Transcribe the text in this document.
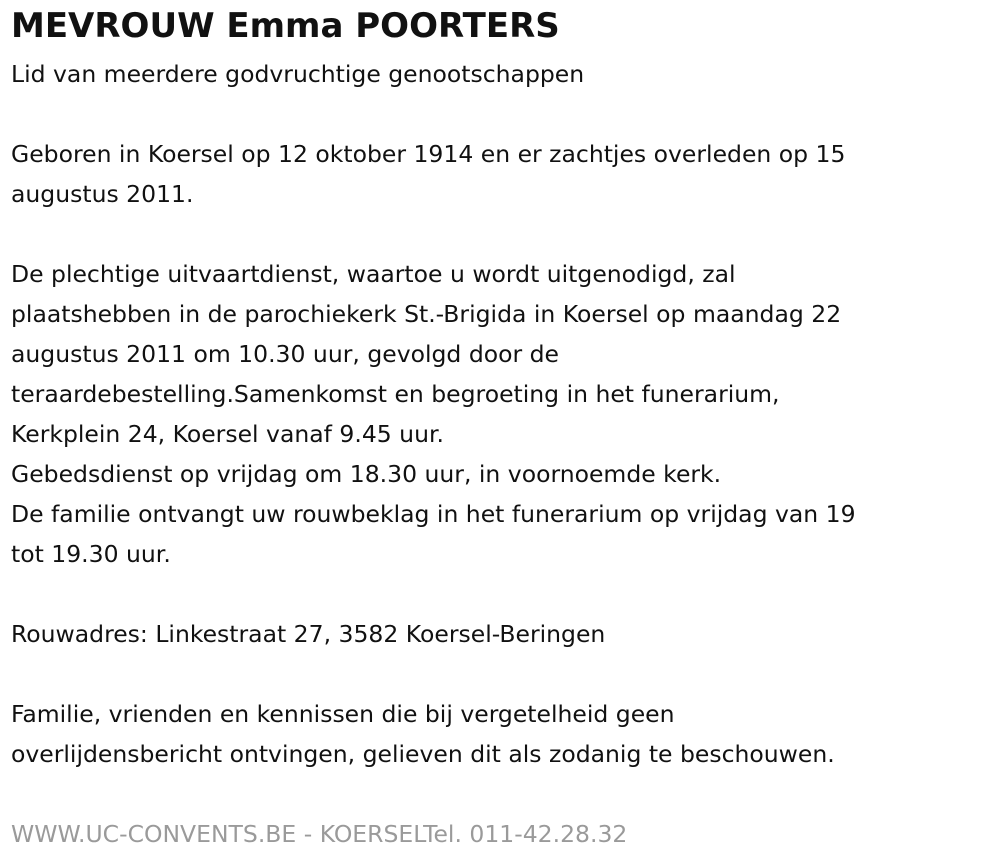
MEVROUW Emma POORTERS

Lid van meerdere godvruchtige genootschappen

Geboren in Koersel op 12 oktober 1914 en er zachtjes overleden op 15
augustus 2011.

De plechtige uitvaartdienst, waartoe u wordt uitgenodigd, zal
plaatshebben in de parochiekerk St.-Brigida in Koersel op maandag 22
augustus 2011 om 10.30 uur, gevolgd door de
teraardebestelling.Samenkomst en begroeting in het funerarium,
Kerkplein 24, Koersel vanaf 9.45 uur.
Gebedsdienst op vrijdag om 18.30 uur, in voornoemde kerk.
De familie ontvangt uw rouwbeklag in het funerarium op vrijdag van 19
tot 19.30 uur.

Rouwadres: Linkestraat 27, 3582 Koersel-Beringen

Familie, vrienden en kennissen die bij vergetelheid geen
overlijdensbericht ontvingen, gelieven dit als zodanig te beschouwen.

WWW.UC-CONVENTS.BE - KOERSELTel. 011-42.28.32
